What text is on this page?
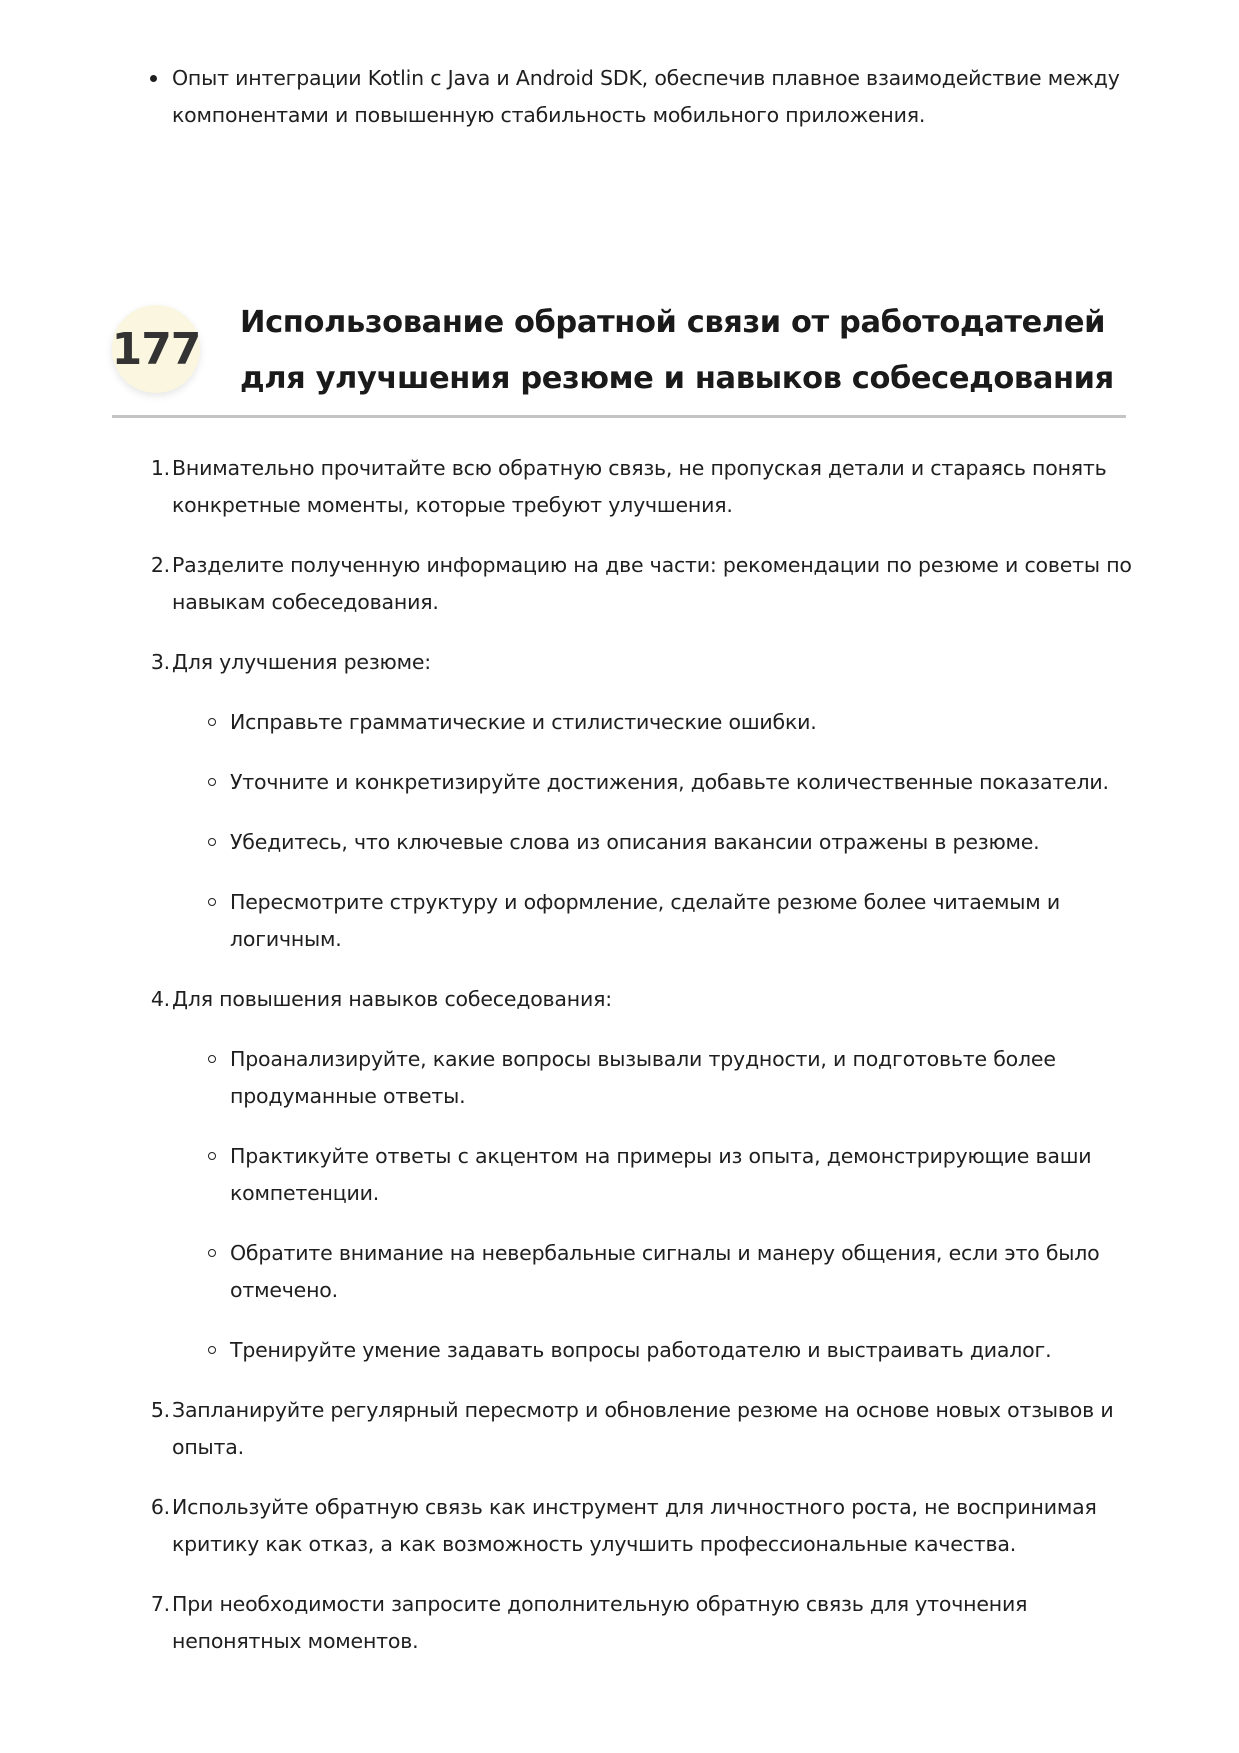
Опыт интеграции Kotlin с Java и Android SDK, обеспечив плавное взаимодействие между компонентами и повышенную стабильность мобильного приложения.
177
Использование обратной связи от работодателей для улучшения резюме и навыков собеседования
1. Внимательно прочитайте всю обратную связь, не пропуская детали и стараясь понять конкретные моменты, которые требуют улучшения.
2. Разделите полученную информацию на две части: рекомендации по резюме и советы по навыкам собеседования.
3. Для улучшения резюме:
Исправьте грамматические и стилистические ошибки.
Уточните и конкретизируйте достижения, добавьте количественные показатели.
Убедитесь, что ключевые слова из описания вакансии отражены в резюме.
Пересмотрите структуру и оформление, сделайте резюме более читаемым и логичным.
4. Для повышения навыков собеседования:
Проанализируйте, какие вопросы вызывали трудности, и подготовьте более продуманные ответы.
Практикуйте ответы с акцентом на примеры из опыта, демонстрирующие ваши компетенции.
Обратите внимание на невербальные сигналы и манеру общения, если это было отмечено.
Тренируйте умение задавать вопросы работодателю и выстраивать диалог.
5. Запланируйте регулярный пересмотр и обновление резюме на основе новых отзывов и опыта.
6. Используйте обратную связь как инструмент для личностного роста, не воспринимая критику как отказ, а как возможность улучшить профессиональные качества.
7. При необходимости запросите дополнительную обратную связь для уточнения непонятных моментов.
